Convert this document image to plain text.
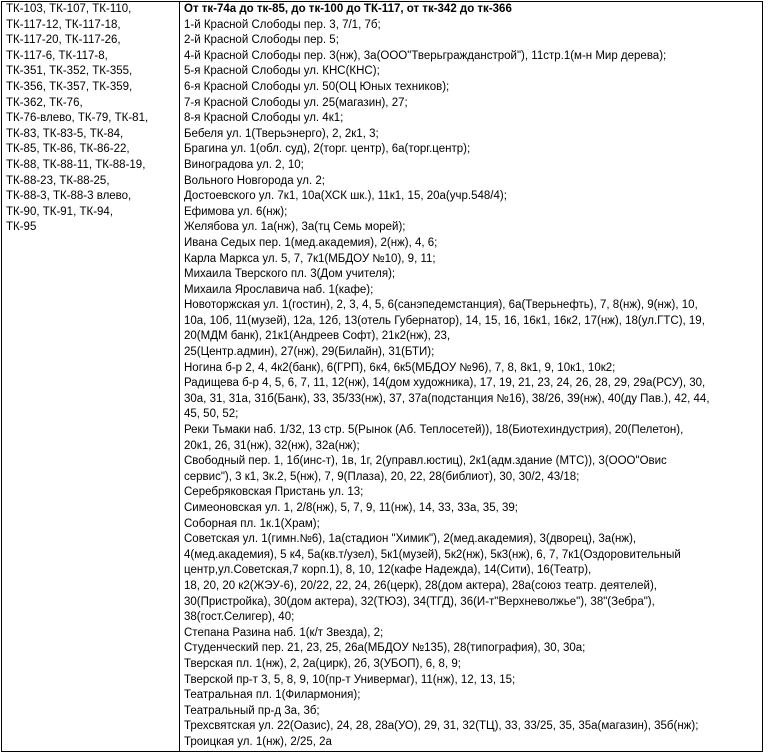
ТК-103, ТК-107, ТК-110,
ТК-117-12, ТК-117-18,
ТК-117-20, ТК-117-26,
ТК-117-6, ТК-117-8,
ТК-351, ТК-352, ТК-355,
ТК-356, ТК-357, ТК-359,
ТК-362, ТК-76,
ТК-76-влево, ТК-79, ТК-81,
ТК-83, ТК-83-5, ТК-84,
ТК-85, ТК-86, ТК-86-22,
ТК-88, ТК-88-11, ТК-88-19,
ТК-88-23, ТК-88-25,
ТК-88-3, ТК-88-3 влево,
ТК-90, ТК-91, ТК-94,
ТК-95

От тк-74а до тк-85, до тк-100 до ТК-117, от тк-342 до тк-366
1-й Красной Слободы пер. 3, 7/1, 7б;
2-й Красной Слободы пер. 5;
4-й Красной Слободы пер. 3(нж), 3а(ООО"Тверьгражданстрой"), 11стр.1(м-н Мир дерева);
5-я Красной Слободы ул. КНС(КНС);
6-я Красной Слободы ул. 50(ОЦ Юных техников);
7-я Красной Слободы ул. 25(магазин), 27;
8-я Красной Слободы ул. 4к1;
Бебеля ул. 1(Тверьэнерго), 2, 2к1, 3;
Брагина ул. 1(обл. суд), 2(торг. центр), 6а(торг.центр);
Виноградова ул. 2, 10;
Вольного Новгорода ул. 2;
Достоевского ул. 7к1, 10а(ХСК шк.), 11к1, 15, 20а(учр.548/4);
Ефимова ул. 6(нж);
Желябова ул. 1а(нж), 3а(тц Семь морей);
Ивана Седых пер. 1(мед.академия), 2(нж), 4, 6;
Карла Маркса ул. 5, 7, 7к1(МБДОУ №10), 9, 11;
Михаила Тверского пл. 3(Дом учителя);
Михаила Ярославича наб. 1(кафе);
Новоторжская ул. 1(гостин), 2, 3, 4, 5, 6(санэпедемстанция), 6а(Тверьнефть), 7, 8(нж), 9(нж), 10,
10а, 10б, 11(музей), 12а, 12б, 13(отель Губернатор), 14, 15, 16, 16к1, 16к2, 17(нж), 18(ул.ГТС), 19,
20(МДМ банк), 21к1(Андреев Софт), 21к2(нж), 23,
25(Центр.админ), 27(нж), 29(Билайн), 31(БТИ);
Ногина б-р 2, 4, 4к2(банк), 6(ГРП), 6к4, 6к5(МБДОУ №96), 7, 8, 8к1, 9, 10к1, 10к2;
Радищева б-р 4, 5, 6, 7, 11, 12(нж), 14(дом художника), 17, 19, 21, 23, 24, 26, 28, 29, 29а(РСУ), 30,
30а, 31, 31а, 31б(Банк), 33, 35/33(нж), 37, 37а(подстанция №16), 38/26, 39(нж), 40(ду Пав.), 42, 44,
45, 50, 52;
Реки Тьмаки наб. 1/32, 13 стр. 5(Рынок (Аб. Теплосетей)), 18(Биотехиндустрия), 20(Пелетон),
20к1, 26, 31(нж), 32(нж), 32а(нж);
Свободный пер. 1, 1б(инс-т), 1в, 1г, 2(управл.юстиц), 2к1(адм.здание (МТС)), 3(ООО"Овис
сервис"), 3 к1, 3к.2, 5(нж), 7, 9(Плаза), 20, 22, 28(библиот), 30, 30/2, 43/18;
Серебряковская Пристань ул. 13;
Симеоновская ул. 1, 2/8(нж), 5, 7, 9, 11(нж), 14, 33, 33а, 35, 39;
Соборная пл. 1к.1(Храм);
Советская ул. 1(гимн.№6), 1а(стадион "Химик"), 2(мед.академия), 3(дворец), 3а(нж),
4(мед.академия), 5 к4, 5а(кв.т/узел), 5к1(музей), 5к2(нж), 5к3(нж), 6, 7, 7к1(Оздоровительный
центр,ул.Советская,7 корп.1), 8, 10, 12(кафе Надежда), 14(Сити), 16(Театр),
18, 20, 20 к2(ЖЭУ-6), 20/22, 22, 24, 26(церк), 28(дом актера), 28а(союз театр. деятелей),
30(Пристройка), 30(дом актера), 32(ТЮЗ), 34(ТГД), 36(И-т"Верхневолжье"), 38"(Зебра"),
38(гост.Селигер), 40;
Степана Разина наб. 1(к/т Звезда), 2;
Студенческий пер. 21, 23, 25, 26а(МБДОУ №135), 28(типография), 30, 30а;
Тверская пл. 1(нж), 2, 2а(цирк), 2б, 3(УБОП), 6, 8, 9;
Тверской пр-т 3, 5, 8, 9, 10(пр-т Универмаг), 11(нж), 12, 13, 15;
Театральная пл. 1(Филармония);
Театральный пр-д 3а, 3б;
Трехсвятская ул. 22(Оазис), 24, 28, 28а(УО), 29, 31, 32(ТЦ), 33, 33/25, 35, 35а(магазин), 35б(нж);
Троицкая ул. 1(нж), 2/25, 2а
